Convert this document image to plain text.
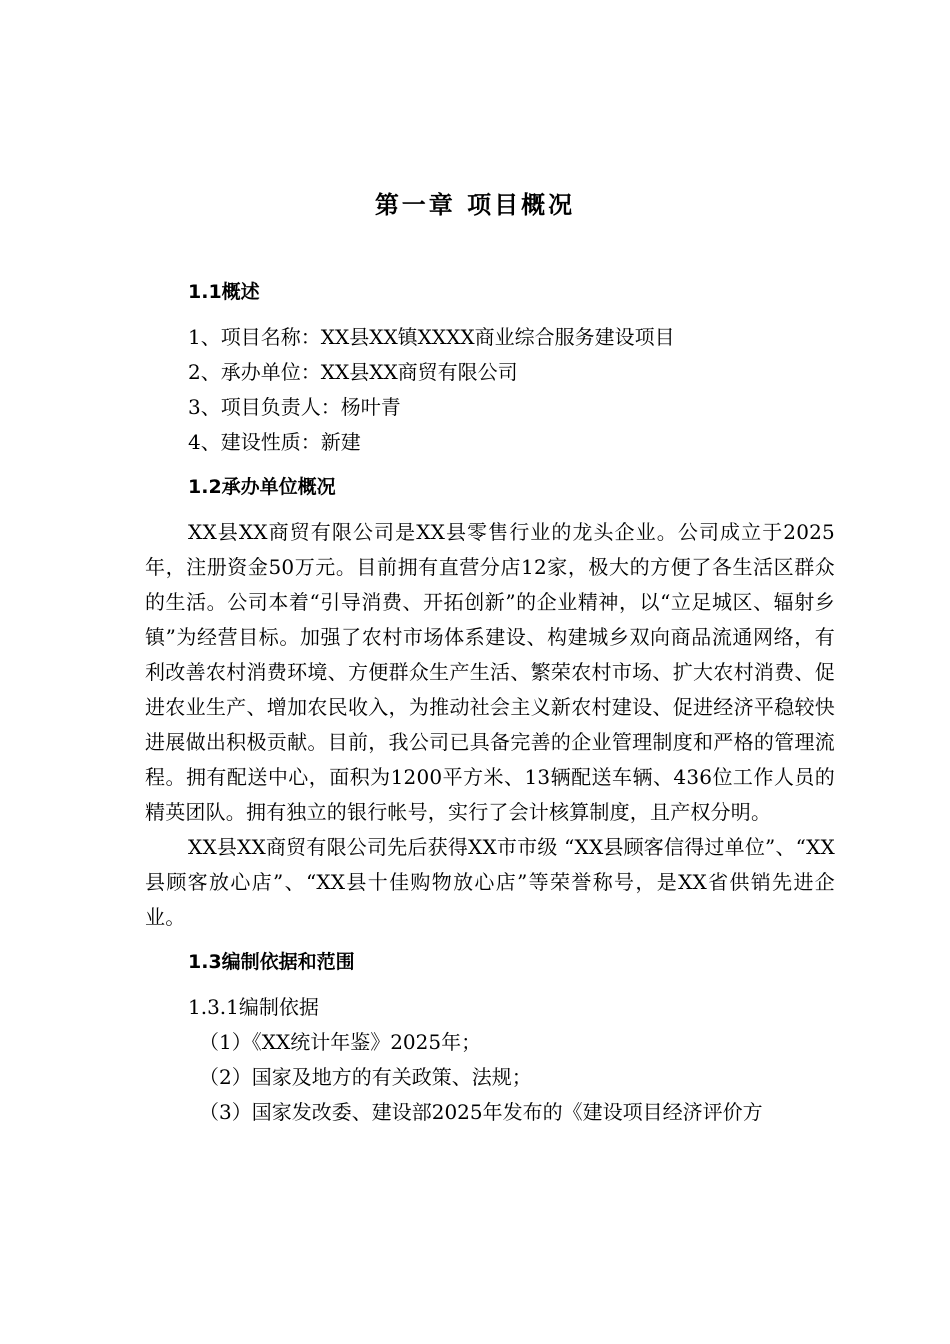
第一章 项目概况
1.1概述
1、项目名称：XX县XX镇XXXX商业综合服务建设项目
2、承办单位：XX县XX商贸有限公司
3、项目负责人：杨叶青
4、建设性质：新建
1.2承办单位概况

XX县XX商贸有限公司是XX县零售行业的龙头企业。公司成立于2025年，注册资金50万元。目前拥有直营分店12家，极大的方便了各生活区群众的生活。公司本着“引导消费、开拓创新”的企业精神，以“立足城区、辐射乡镇”为经营目标。加强了农村市场体系建设、构建城乡双向商品流通网络，有利改善农村消费环境、方便群众生产生活、繁荣农村市场、扩大农村消费、促进农业生产、增加农民收入，为推动社会主义新农村建设、促进经济平稳较快进展做出积极贡献。目前，我公司已具备完善的企业管理制度和严格的管理流程。拥有配送中心，面积为1200平方米、13辆配送车辆、436位工作人员的精英团队。拥有独立的银行帐号，实行了会计核算制度，且产权分明。

XX县XX商贸有限公司先后获得XX市市级 “XX县顾客信得过单位”、“XX县顾客放心店”、“XX县十佳购物放心店”等荣誉称号，是XX省供销先进企业。

1.3编制依据和范围
1.3.1编制依据
（1）《XX统计年鉴》2025年；
（2）国家及地方的有关政策、法规；
（3）国家发改委、建设部2025年发布的《建设项目经济评价方
